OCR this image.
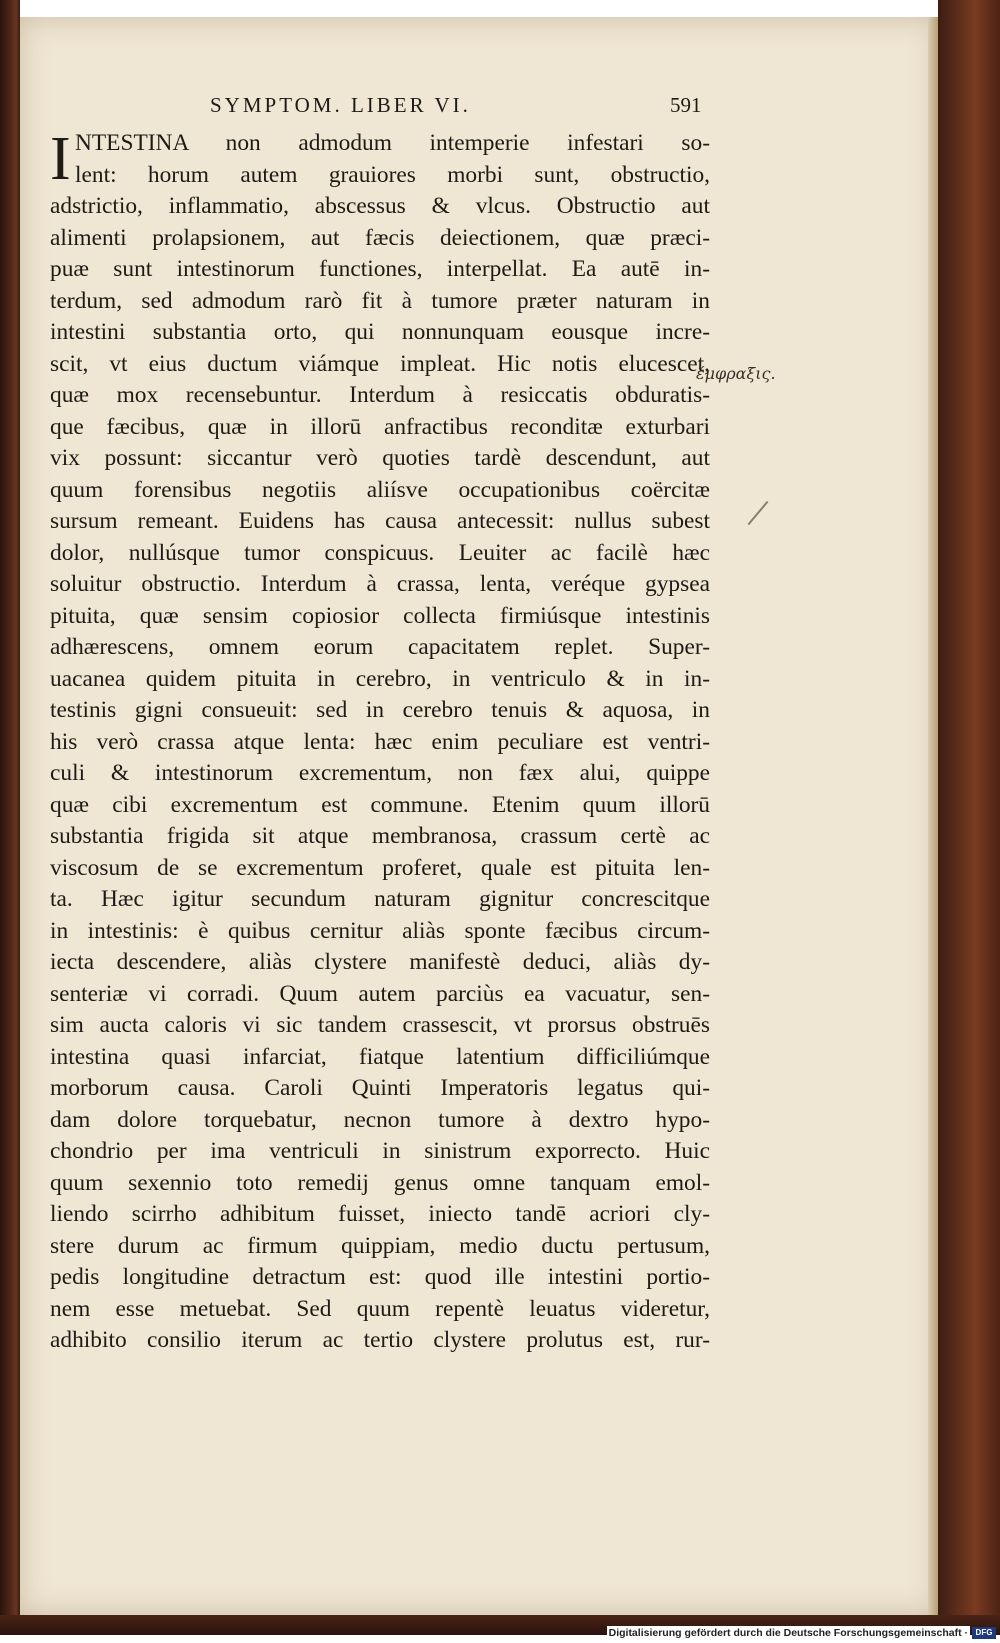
SYMPTOM. LIBER VI.	591
I NTESTINA non admodum intemperie infestari so-
lent: horum autem grauiores morbi sunt, obstructio,
adstrictio, inflammatio, abscessus & vlcus. Obstructio aut
alimenti prolapsionem, aut fæcis deiectionem, quæ præci-
puæ sunt intestinorum functiones, interpellat. Ea autē in-
terdum, sed admodum rarò fit à tumore præter naturam in
intestini substantia orto, qui nonnunquam eousque incre-
scit, vt eius ductum viámque impleat. Hic notis elucescet,
quæ mox recensebuntur. Interdum à resiccatis obduratis-
que fæcibus, quæ in illorū anfractibus reconditæ exturbari
vix possunt: siccantur verò quoties tardè descendunt, aut
quum forensibus negotiis aliísve occupationibus coërcitæ
sursum remeant. Euidens has causa antecessit: nullus subest
dolor, nullúsque tumor conspicuus. Leuiter ac facilè hæc
soluitur obstructio. Interdum à crassa, lenta, veréque gypsea
pituita, quæ sensim copiosior collecta firmiúsque intestinis
adhærescens, omnem eorum capacitatem replet. Super-
uacanea quidem pituita in cerebro, in ventriculo & in in-
testinis gigni consueuit: sed in cerebro tenuis & aquosa, in
his verò crassa atque lenta: hæc enim peculiare est ventri-
culi & intestinorum excrementum, non fæx alui, quippe
quæ cibi excrementum est commune. Etenim quum illorū
substantia frigida sit atque membranosa, crassum certè ac
viscosum de se excrementum proferet, quale est pituita len-
ta. Hæc igitur secundum naturam gignitur concrescitque
in intestinis: è quibus cernitur aliàs sponte fæcibus circum-
iecta descendere, aliàs clystere manifestè deduci, aliàs dy-
senteriæ vi corradi. Quum autem parciùs ea vacuatur, sen-
sim aucta caloris vi sic tandem crassescit, vt prorsus obstruēs
intestina quasi infarciat, fiatque latentium difficiliúmque
morborum causa. Caroli Quinti Imperatoris legatus qui-
dam dolore torquebatur, necnon tumore à dextro hypo-
chondrio per ima ventriculi in sinistrum exporrecto. Huic
quum sexennio toto remedij genus omne tanquam emol-
liendo scirrho adhibitum fuisset, iniecto tandē acriori cly-
stere durum ac firmum quippiam, medio ductu pertusum,
pedis longitudine detractum est: quod ille intestini portio-
nem esse metuebat. Sed quum repentè leuatus videretur,
adhibito consilio iterum ac tertio clystere prolutus est, rur-
ἔμφραξις.
Digitalisierung gefördert durch die Deutsche Forschungsgemeinschaft · DFG
